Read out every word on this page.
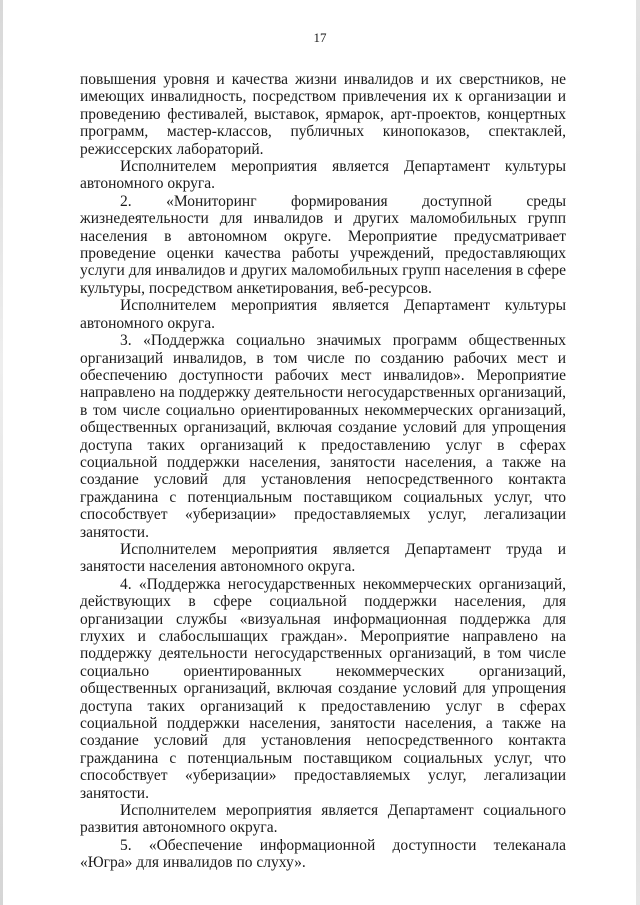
17

повышения уровня и качества жизни инвалидов и их сверстников, не имеющих инвалидность, посредством привлечения их к организации и проведению фестивалей, выставок, ярмарок, арт-проектов, концертных программ, мастер-классов, публичных кинопоказов, спектаклей, режиссерских лабораторий.

Исполнителем мероприятия является Департамент культуры автономного округа.

2. «Мониторинг формирования доступной среды жизнедеятельности для инвалидов и других маломобильных групп населения в автономном округе. Мероприятие предусматривает проведение оценки качества работы учреждений, предоставляющих услуги для инвалидов и других маломобильных групп населения в сфере культуры, посредством анкетирования, веб-ресурсов.

Исполнителем мероприятия является Департамент культуры автономного округа.

3. «Поддержка социально значимых программ общественных организаций инвалидов, в том числе по созданию рабочих мест и обеспечению доступности рабочих мест инвалидов». Мероприятие направлено на поддержку деятельности негосударственных организаций, в том числе социально ориентированных некоммерческих организаций, общественных организаций, включая создание условий для упрощения доступа таких организаций к предоставлению услуг в сферах социальной поддержки населения, занятости населения, а также на создание условий для установления непосредственного контакта гражданина с потенциальным поставщиком социальных услуг, что способствует «уберизации» предоставляемых услуг, легализации занятости.

Исполнителем мероприятия является Департамент труда и занятости населения автономного округа.

4. «Поддержка негосударственных некоммерческих организаций, действующих в сфере социальной поддержки населения, для организации службы «визуальная информационная поддержка для глухих и слабослышащих граждан». Мероприятие направлено на поддержку деятельности негосударственных организаций, в том числе социально ориентированных некоммерческих организаций, общественных организаций, включая создание условий для упрощения доступа таких организаций к предоставлению услуг в сферах социальной поддержки населения, занятости населения, а также на создание условий для установления непосредственного контакта гражданина с потенциальным поставщиком социальных услуг, что способствует «уберизации» предоставляемых услуг, легализации занятости.

Исполнителем мероприятия является Департамент социального развития автономного округа.

5. «Обеспечение информационной доступности телеканала «Югра» для инвалидов по слуху».
